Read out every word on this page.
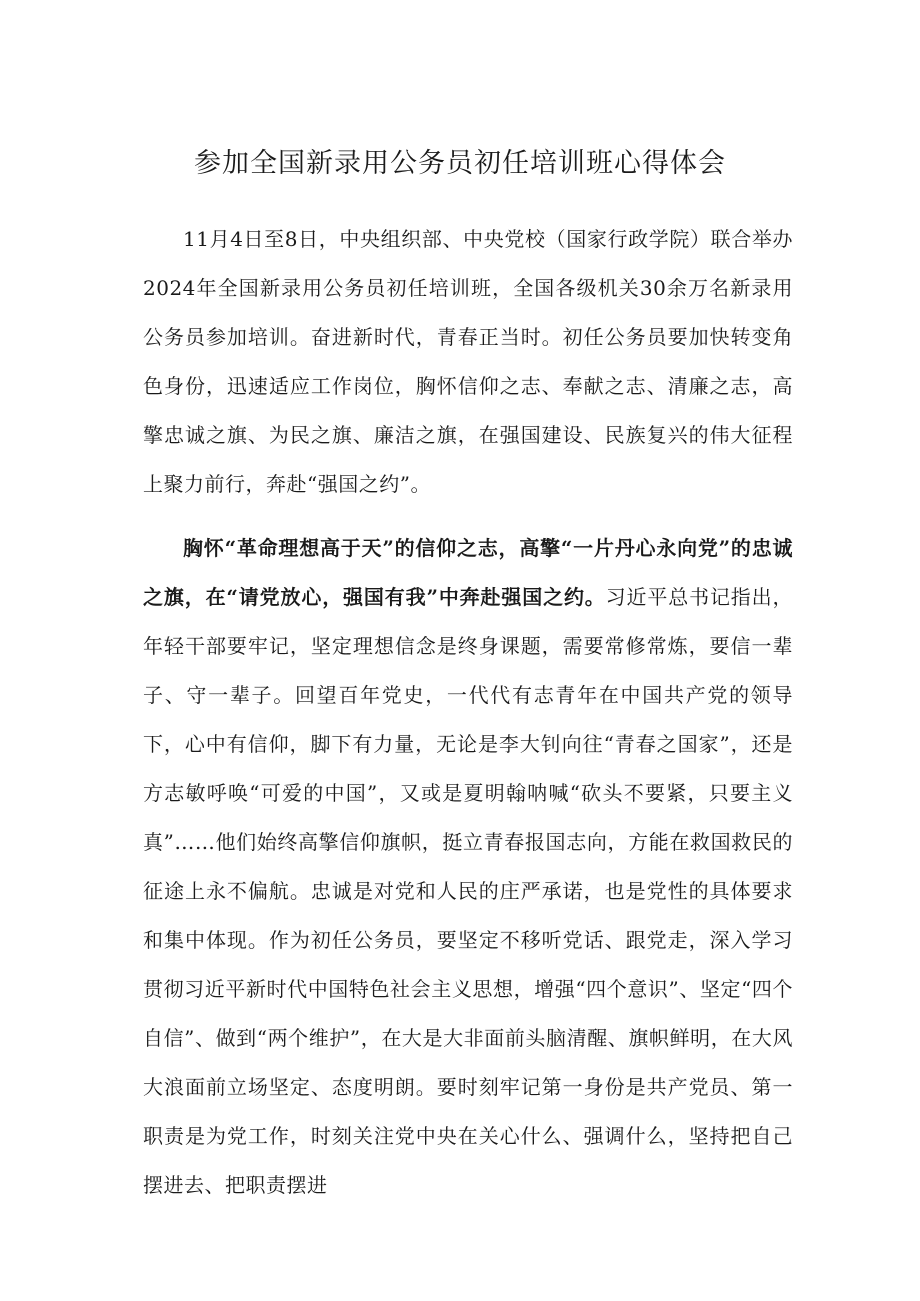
参加全国新录用公务员初任培训班心得体会

11月4日至8日，中央组织部、中央党校（国家行政学院）联合举办2024年全国新录用公务员初任培训班，全国各级机关30余万名新录用公务员参加培训。奋进新时代，青春正当时。初任公务员要加快转变角色身份，迅速适应工作岗位，胸怀信仰之志、奉献之志、清廉之志，高擎忠诚之旗、为民之旗、廉洁之旗，在强国建设、民族复兴的伟大征程上聚力前行，奔赴“强国之约”。

胸怀“革命理想高于天”的信仰之志，高擎“一片丹心永向党”的忠诚之旗，在“请党放心，强国有我”中奔赴强国之约。习近平总书记指出，年轻干部要牢记，坚定理想信念是终身课题，需要常修常炼，要信一辈子、守一辈子。回望百年党史，一代代有志青年在中国共产党的领导下，心中有信仰，脚下有力量，无论是李大钊向往“青春之国家”，还是方志敏呼唤“可爱的中国”，又或是夏明翰呐喊“砍头不要紧，只要主义真”……他们始终高擎信仰旗帜，挺立青春报国志向，方能在救国救民的征途上永不偏航。忠诚是对党和人民的庄严承诺，也是党性的具体要求和集中体现。作为初任公务员，要坚定不移听党话、跟党走，深入学习贯彻习近平新时代中国特色社会主义思想，增强“四个意识”、坚定“四个自信”、做到“两个维护”，在大是大非面前头脑清醒、旗帜鲜明，在大风大浪面前立场坚定、态度明朗。要时刻牢记第一身份是共产党员、第一职责是为党工作，时刻关注党中央在关心什么、强调什么，坚持把自己摆进去、把职责摆进
